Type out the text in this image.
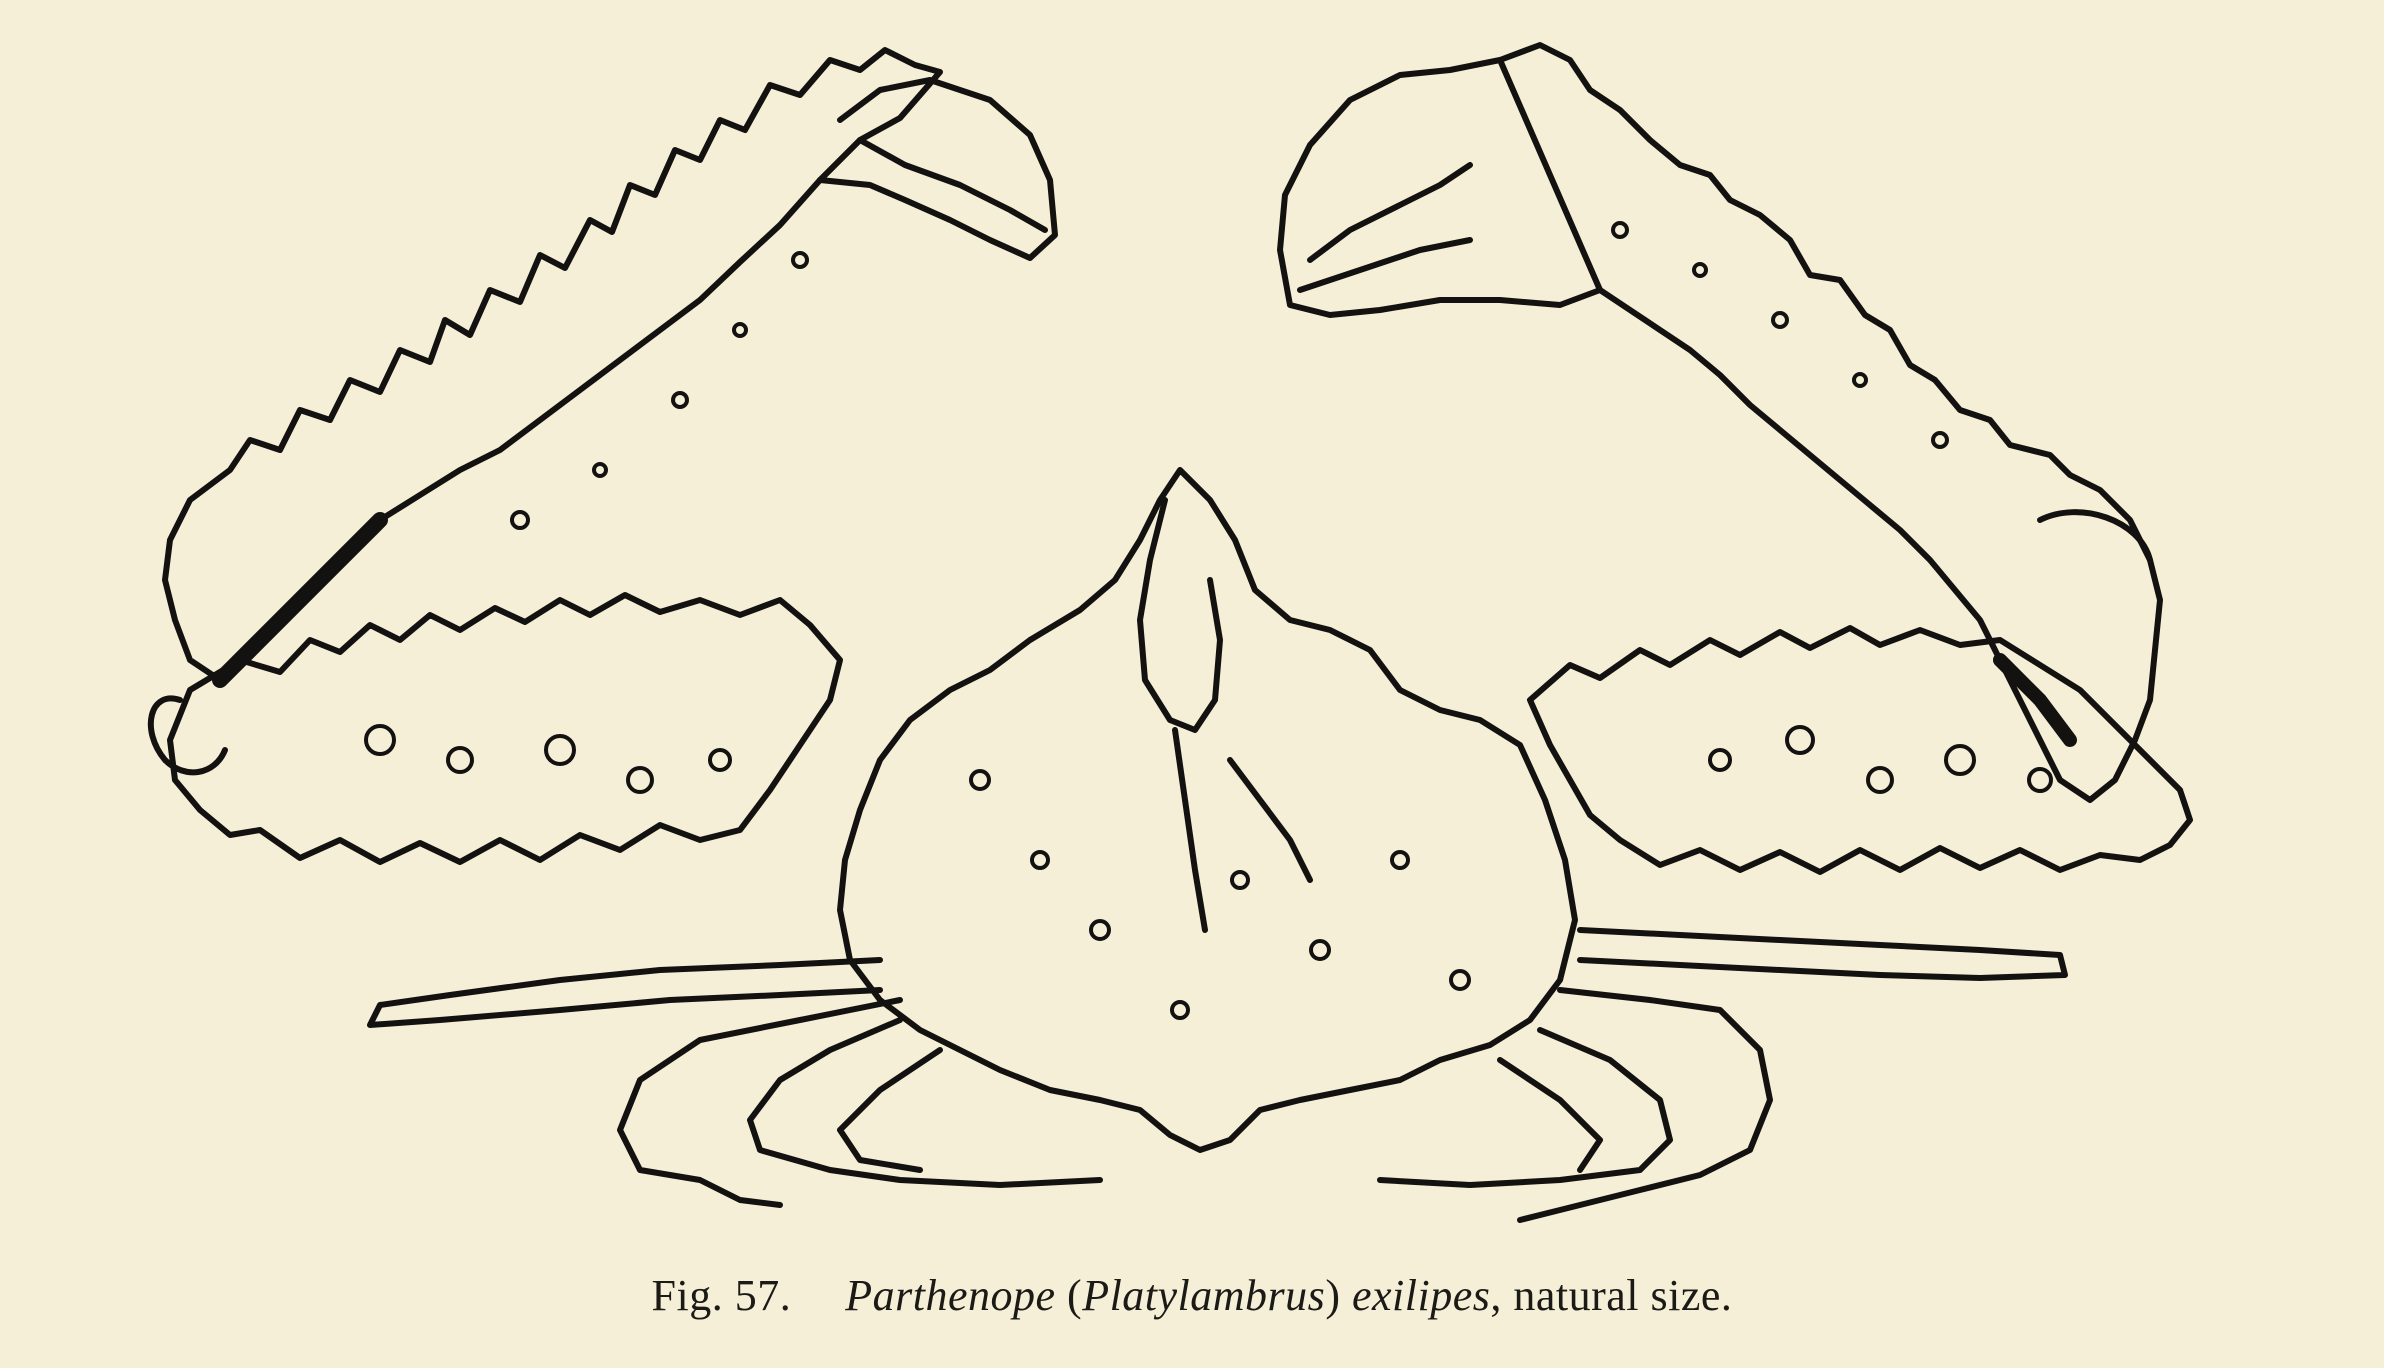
Fig. 57. Parthenope (Platylambrus) exilipes, natural size.
